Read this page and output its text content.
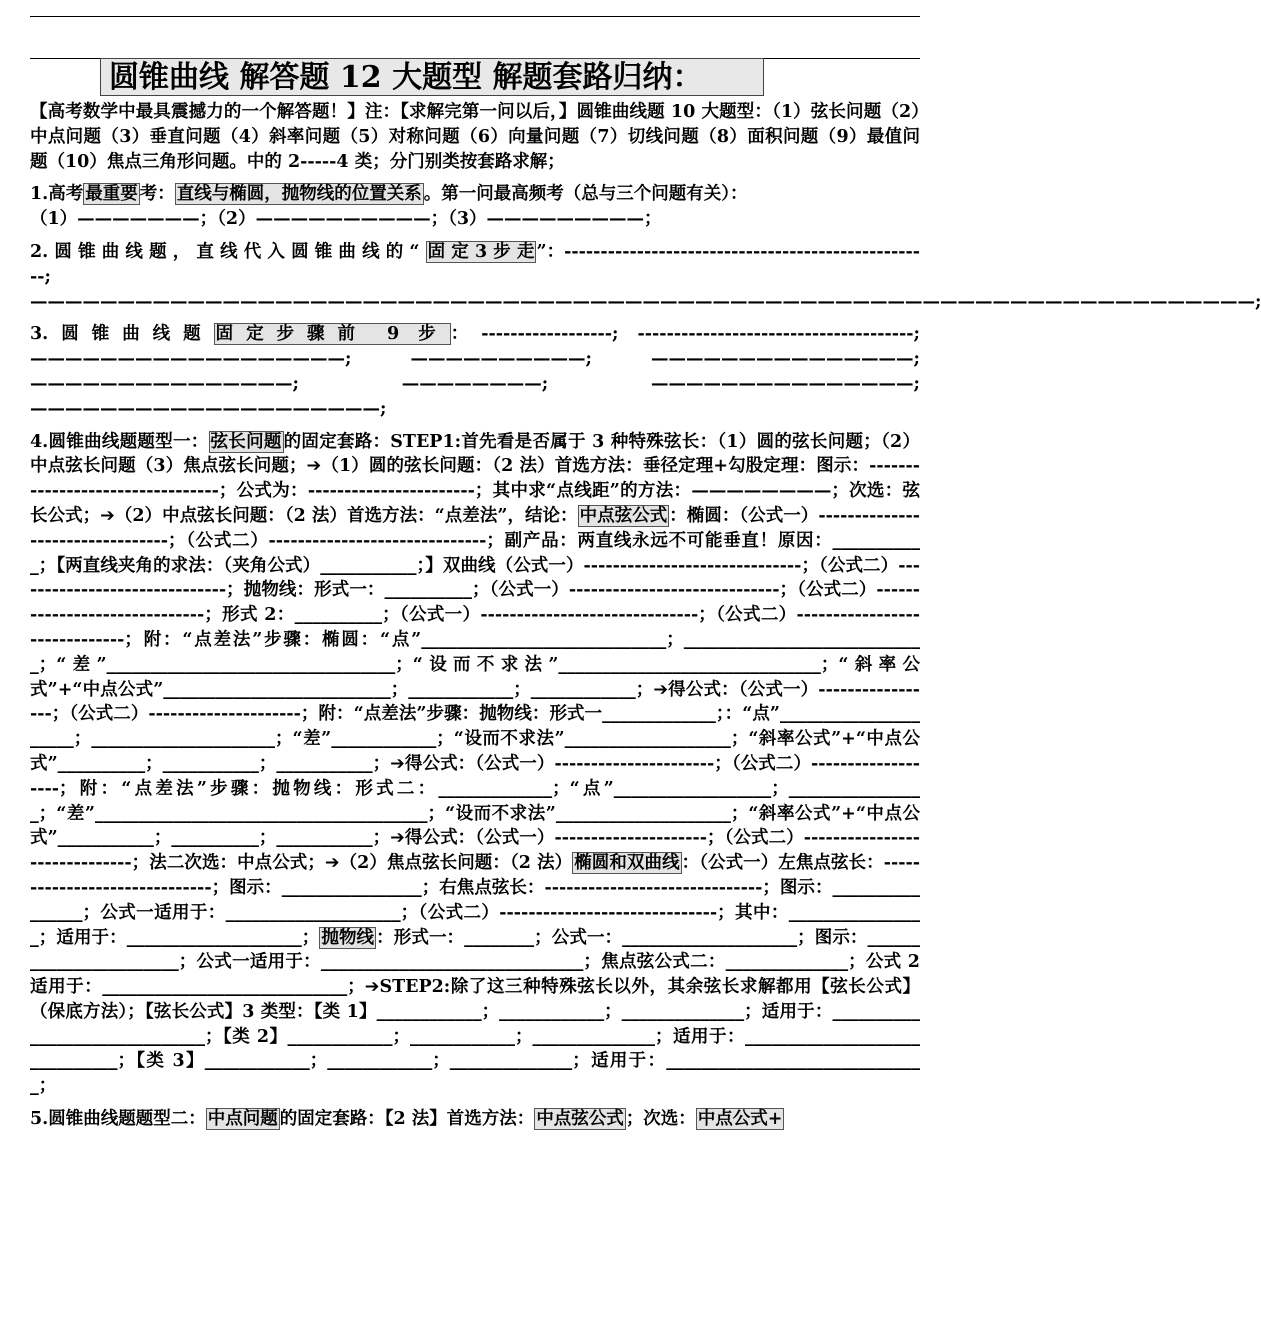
圆锥曲线 解答题 12 大题型 解题套路归纳：

【高考数学中最具震撼力的一个解答题！】注：【求解完第一问以后，】圆锥曲线题 10 大题型：（1）弦长问题（2）中点问题（3）垂直问题（4）斜率问题（5）对称问题（6）向量问题（7）切线问题（8）面积问题（9）最值问题（10）焦点三角形问题。中的 2-----4 类；分门别类按套路求解；

1.高考 最重要 考： 直线与椭圆，抛物线的位置关系 。第一问最高频考（总与三个问题有关）：
（1）———————；（2）——————————；（3）—————————；

2. 圆 锥 曲 线 题 ， 直 线 代 入 圆 锥 曲 线 的 “ 固 定 3 步 走 ”：---------------------------------------------------; ——————————————————————————————————————————————————————————————————————;

3.圆锥曲线题 固定步骤前 9 步 ：------------------; --------------------------------------; ——————————————————; ——————————; ———————————————; ———————————————; ————————; ———————————————; ————————————————————;

4.圆锥曲线题题型一： 弦长问题 的固定套路：STEP1:首先看是否属于 3 种特殊弦长：（1）圆的弦长问题；（2）中点弦长问题（3）焦点弦长问题；➔（1）圆的弦长问题：（2 法）首选方法：垂径定理+勾股定理：图示：---------------------------------；公式为：-----------------------；其中求“点线距”的方法：————————；次选：弦长公式；➔（2）中点弦长问题：（2 法）首选方法：“点差法”，结论： 中点弦公式 ：椭圆：（公式一）---------------------------------；（公式二）------------------------------；副产品：两直线永远不可能垂直！原因：___________；【两直线夹角的求法：（夹角公式）___________；】双曲线（公式一）------------------------------；（公式二）------------------------------；抛物线：形式一：__________；（公式一）-----------------------------；（公式二）------------------------------；形式 2：__________；（公式一）------------------------------；（公式二）------------------------------；附：“点差法”步骤：椭圆：“点”____________________________；____________________________；“差”_________________________________；“设而不求法”______________________________；“斜率公式”+“中点公式”__________________________；____________；____________；➔得公式：（公式一）-----------------；（公式二）---------------------；附：“点差法”步骤：抛物线：形式一_____________；：“点”_____________________；_____________________；“差”____________；“设而不求法”___________________；“斜率公式”+“中点公式”__________；___________；___________；➔得公式：（公式一）----------------------；（公式二）-------------------；附：“点差法”步骤：抛物线：形式二：_____________；“点”__________________；________________；“差”______________________________________；“设而不求法”____________________；“斜率公式”+“中点公式”___________；__________；___________；➔得公式：（公式一）---------------------；（公式二）------------------------------；法二次选：中点公式；➔（2）焦点弦长问题：（2 法） 椭圆和双曲线 ：（公式一）左焦点弦长：------------------------------；图示：________________；右焦点弦长：------------------------------；图示：________________；公式一适用于：____________________；（公式二）------------------------------；其中：________________；适用于：____________________； 抛物线 ：形式一：________；公式一：____________________；图示：_______________________；公式一适用于：______________________________；焦点弦公式二：______________；公式 2 适用于：____________________________；➔STEP2:除了这三种特殊弦长以外，其余弦长求解都用【弦长公式】（保底方法）；【弦长公式】3 类型：【类 1】____________；____________；______________；适用于：______________________________；【类 2】____________；____________；______________；适用于：______________________________；【类 3】____________；____________；______________；适用于：______________________________；

5.圆锥曲线题题型二： 中点问题 的固定套路：【2 法】首选方法： 中点弦公式 ；次选： 中点公式+
